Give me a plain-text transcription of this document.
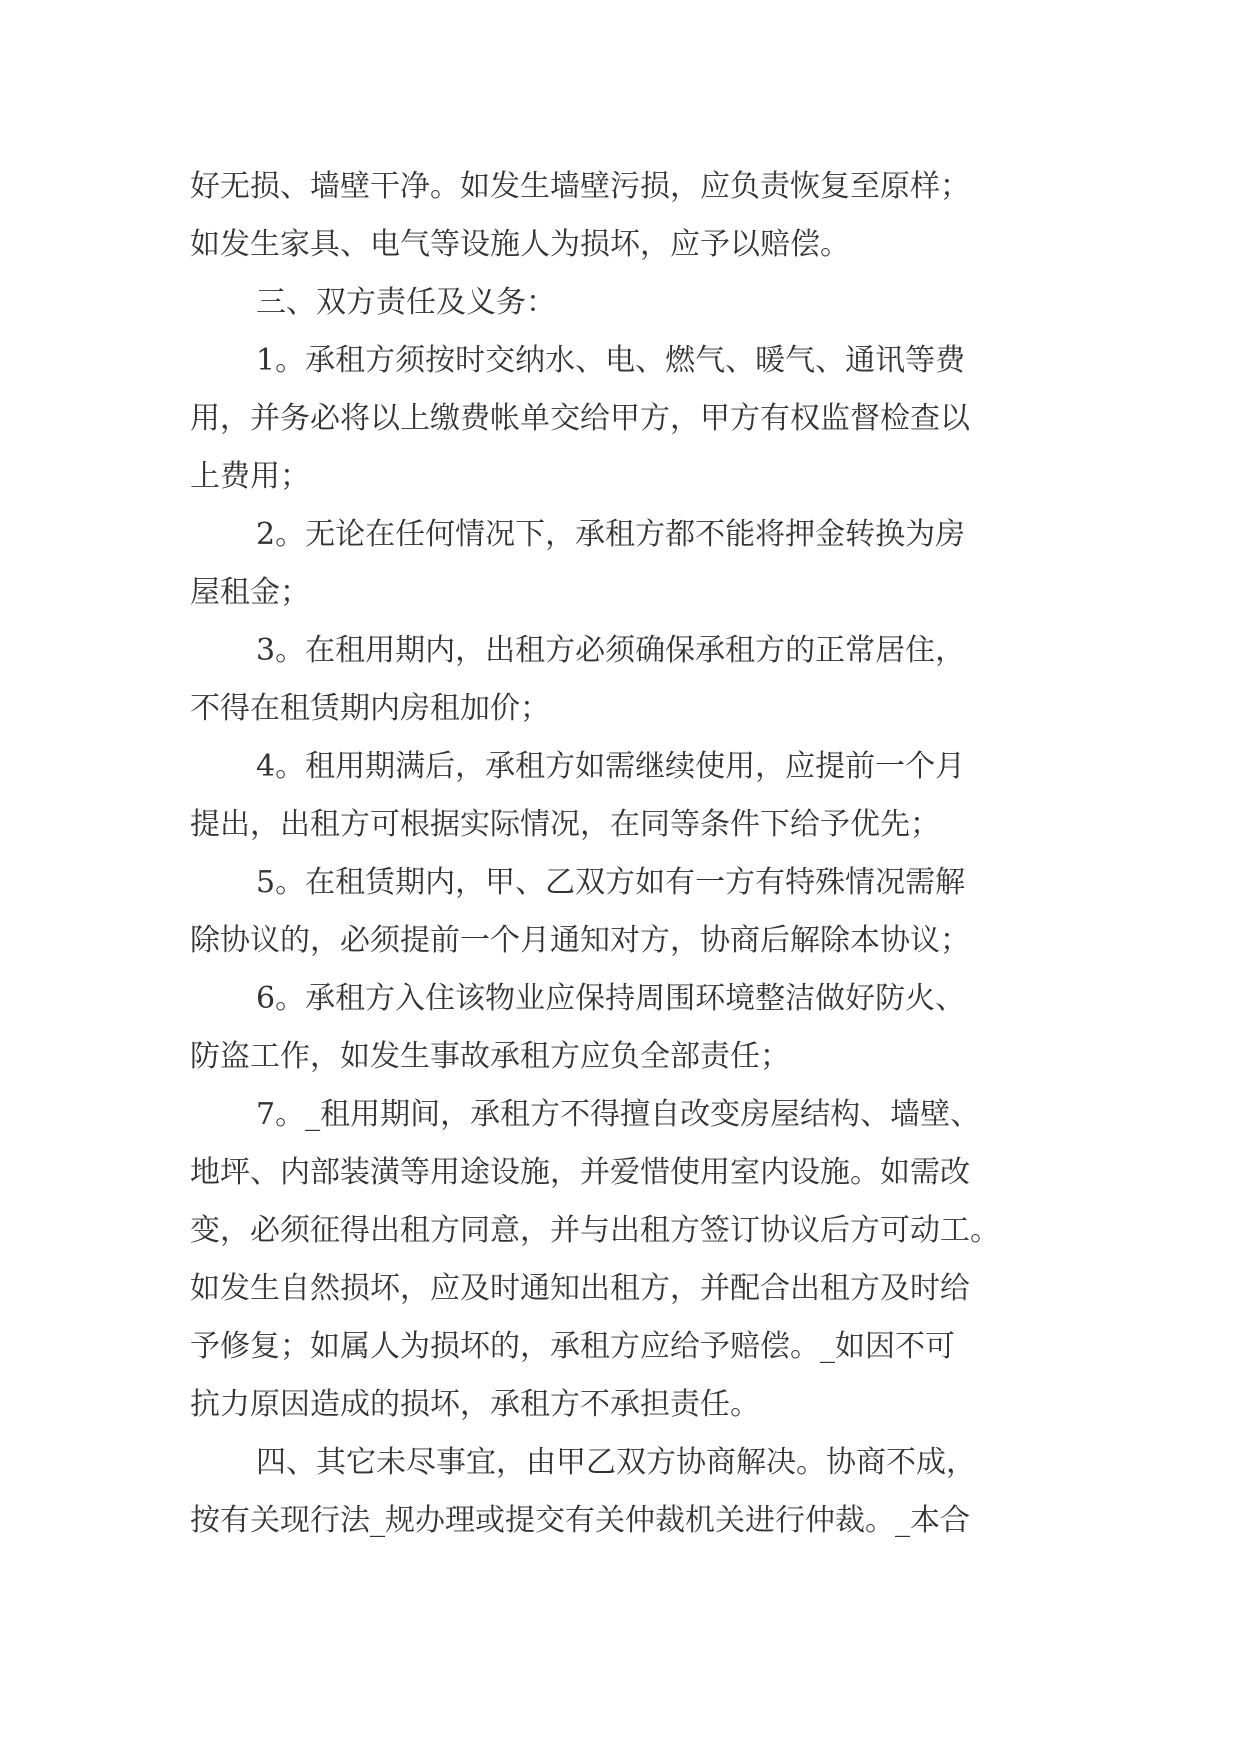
好无损、墙壁干净。如发生墙壁污损，应负责恢复至原样；
如发生家具、电气等设施人为损坏，应予以赔偿。
三、双方责任及义务：
1。承租方须按时交纳水、电、燃气、暖气、通讯等费
用，并务必将以上缴费帐单交给甲方，甲方有权监督检查以
上费用；
2。无论在任何情况下，承租方都不能将押金转换为房
屋租金；
3。在租用期内，出租方必须确保承租方的正常居住，
不得在租赁期内房租加价；
4。租用期满后，承租方如需继续使用，应提前一个月
提出，出租方可根据实际情况，在同等条件下给予优先；
5。在租赁期内，甲、乙双方如有一方有特殊情况需解
除协议的，必须提前一个月通知对方，协商后解除本协议；
6。承租方入住该物业应保持周围环境整洁做好防火、
防盗工作，如发生事故承租方应负全部责任；
7。_租用期间，承租方不得擅自改变房屋结构、墙壁、
地坪、内部装潢等用途设施，并爱惜使用室内设施。如需改
变，必须征得出租方同意，并与出租方签订协议后方可动工。
如发生自然损坏，应及时通知出租方，并配合出租方及时给
予修复；如属人为损坏的，承租方应给予赔偿。_如因不可
抗力原因造成的损坏，承租方不承担责任。
四、其它未尽事宜，由甲乙双方协商解决。协商不成，
按有关现行法_规办理或提交有关仲裁机关进行仲裁。_本合
